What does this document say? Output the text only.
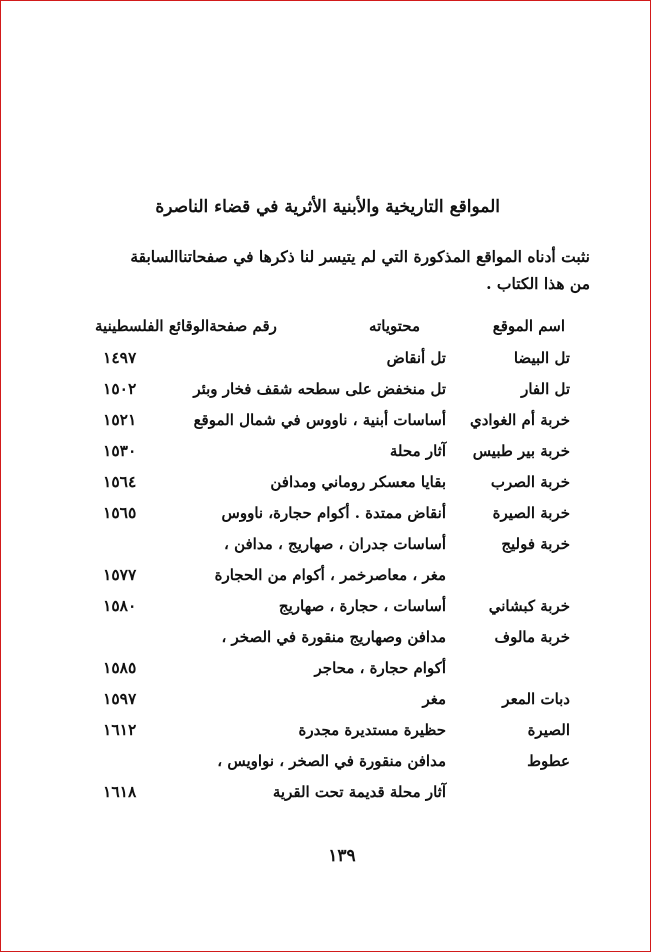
المواقع التاريخية والأبنية الأثرية في قضاء الناصرة
نثبت أدناه المواقع المذكورة التي لم يتيسر لنا ذكرها في صفحاتناالسابقة
من هذا الكتاب .
اسم الموقع
محتوياته
رقم صفحةالوقائع الفلسطينية
تل البيضا
تل أنقاض
١٤٩٧
تل الفار
تل منخفض على سطحه شقف فخار وبئر
١٥٠٢
خربة أم الغوادي
أساسات أبنية ، ناووس في شمال الموقع
١٥٢١
خربة بير طبيس
آثار محلة
١٥٣٠
خربة الصرب
بقايا معسكر روماني ومدافن
١٥٦٤
خربة الصيرة
أنقاض ممتدة . أكوام حجارة، ناووس
١٥٦٥
خربة فوليج
أساسات جدران ، صهاريج ، مدافن ،
مغر ، معاصرخمر ، أكوام من الحجارة
١٥٧٧
خربة كبشاني
أساسات ، حجارة ، صهاريج
١٥٨٠
خربة مالوف
مدافن وصهاريج منقورة في الصخر ،
أكوام حجارة ، محاجر
١٥٨٥
دبات المعر
مغر
١٥٩٧
الصيرة
حظيرة مستديرة مجدرة
١٦١٢
عطوط
مدافن منقورة في الصخر ، نواويس ،
آثار محلة قديمة تحت القرية
١٦١٨
١٣٩
